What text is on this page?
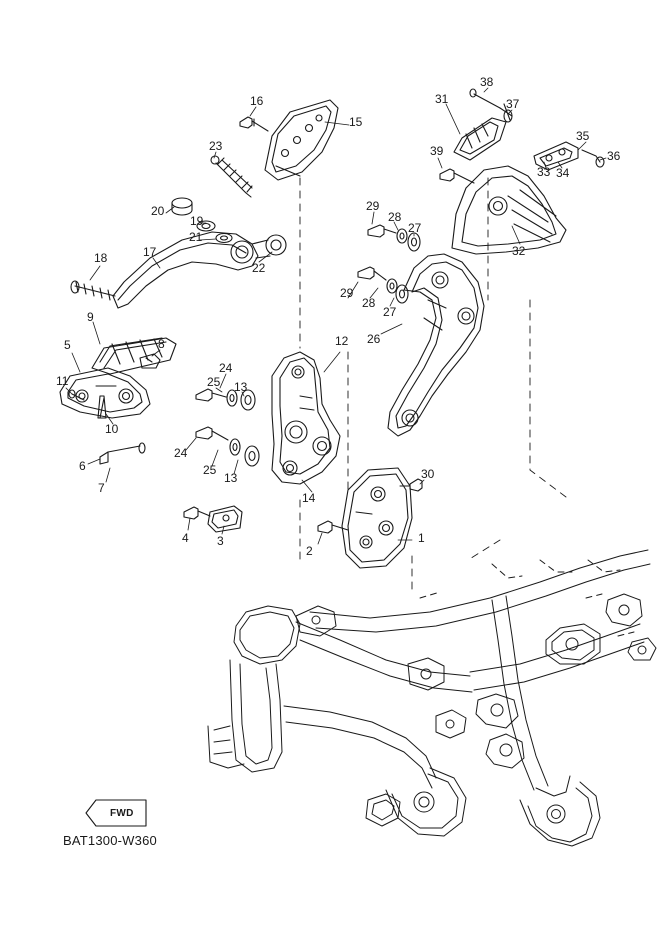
1
2
3
4
5
6
7
8
9
10
11
12
13
13
14
15
16
17
18
19
20
21
22
23
24
24
25
25
26
27
27
28
28
29
29
30
31
32
33 34
35
36
37
38
39
FWD
BAT1300-W360
